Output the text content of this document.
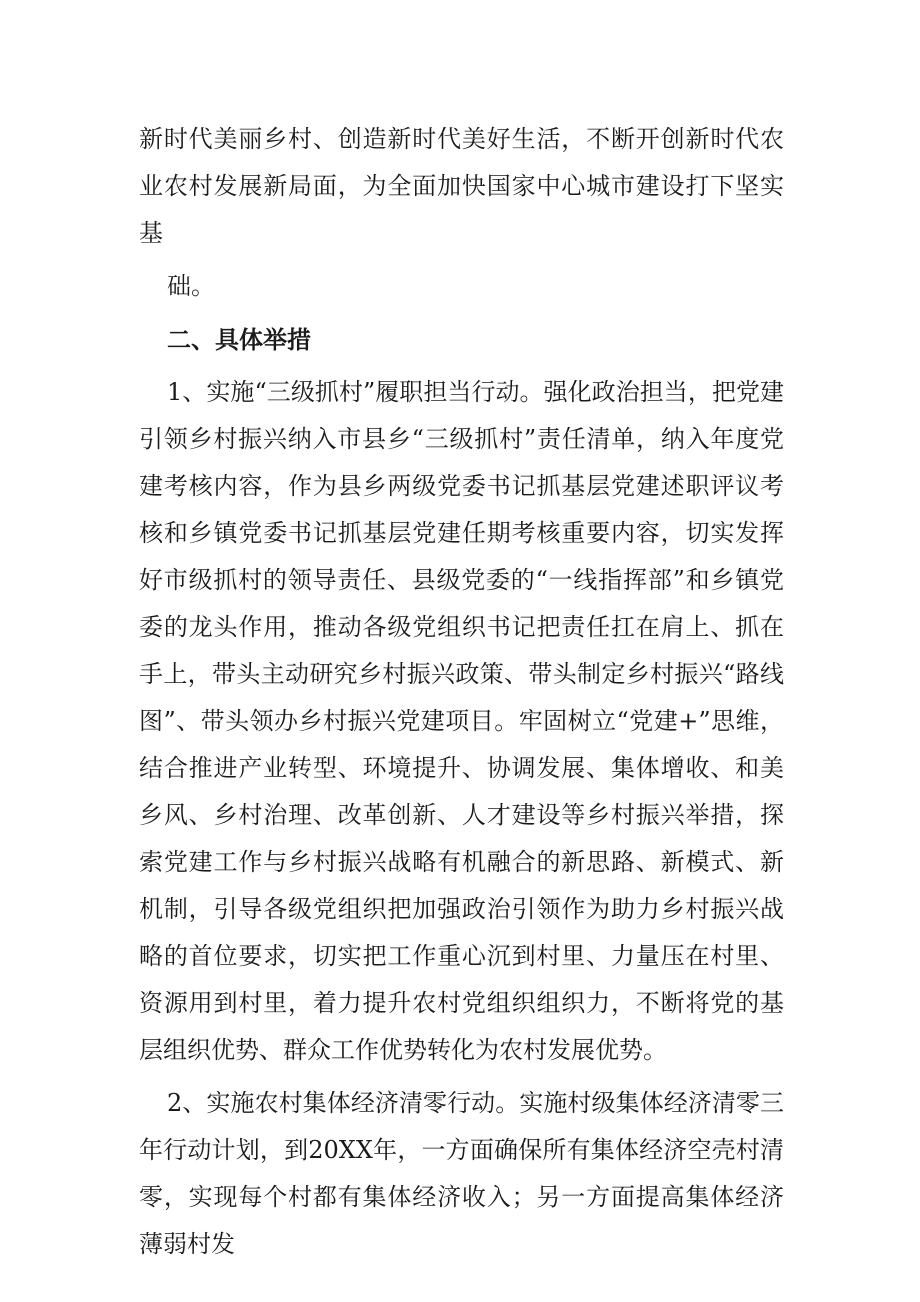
新时代美丽乡村、创造新时代美好生活，不断开创新时代农业农村发展新局面，为全面加快国家中心城市建设打下坚实基

础。

二、具体举措

1、实施“三级抓村”履职担当行动。强化政治担当，把党建引领乡村振兴纳入市县乡“三级抓村”责任清单，纳入年度党建考核内容，作为县乡两级党委书记抓基层党建述职评议考核和乡镇党委书记抓基层党建任期考核重要内容，切实发挥好市级抓村的领导责任、县级党委的“一线指挥部”和乡镇党委的龙头作用，推动各级党组织书记把责任扛在肩上、抓在手上，带头主动研究乡村振兴政策、带头制定乡村振兴“路线图”、带头领办乡村振兴党建项目。牢固树立“党建+”思维，结合推进产业转型、环境提升、协调发展、集体增收、和美乡风、乡村治理、改革创新、人才建设等乡村振兴举措，探索党建工作与乡村振兴战略有机融合的新思路、新模式、新机制，引导各级党组织把加强政治引领作为助力乡村振兴战略的首位要求，切实把工作重心沉到村里、力量压在村里、资源用到村里，着力提升农村党组织组织力，不断将党的基层组织优势、群众工作优势转化为农村发展优势。

2、实施农村集体经济清零行动。实施村级集体经济清零三年行动计划，到20XX年，一方面确保所有集体经济空壳村清零，实现每个村都有集体经济收入；另一方面提高集体经济薄弱村发
